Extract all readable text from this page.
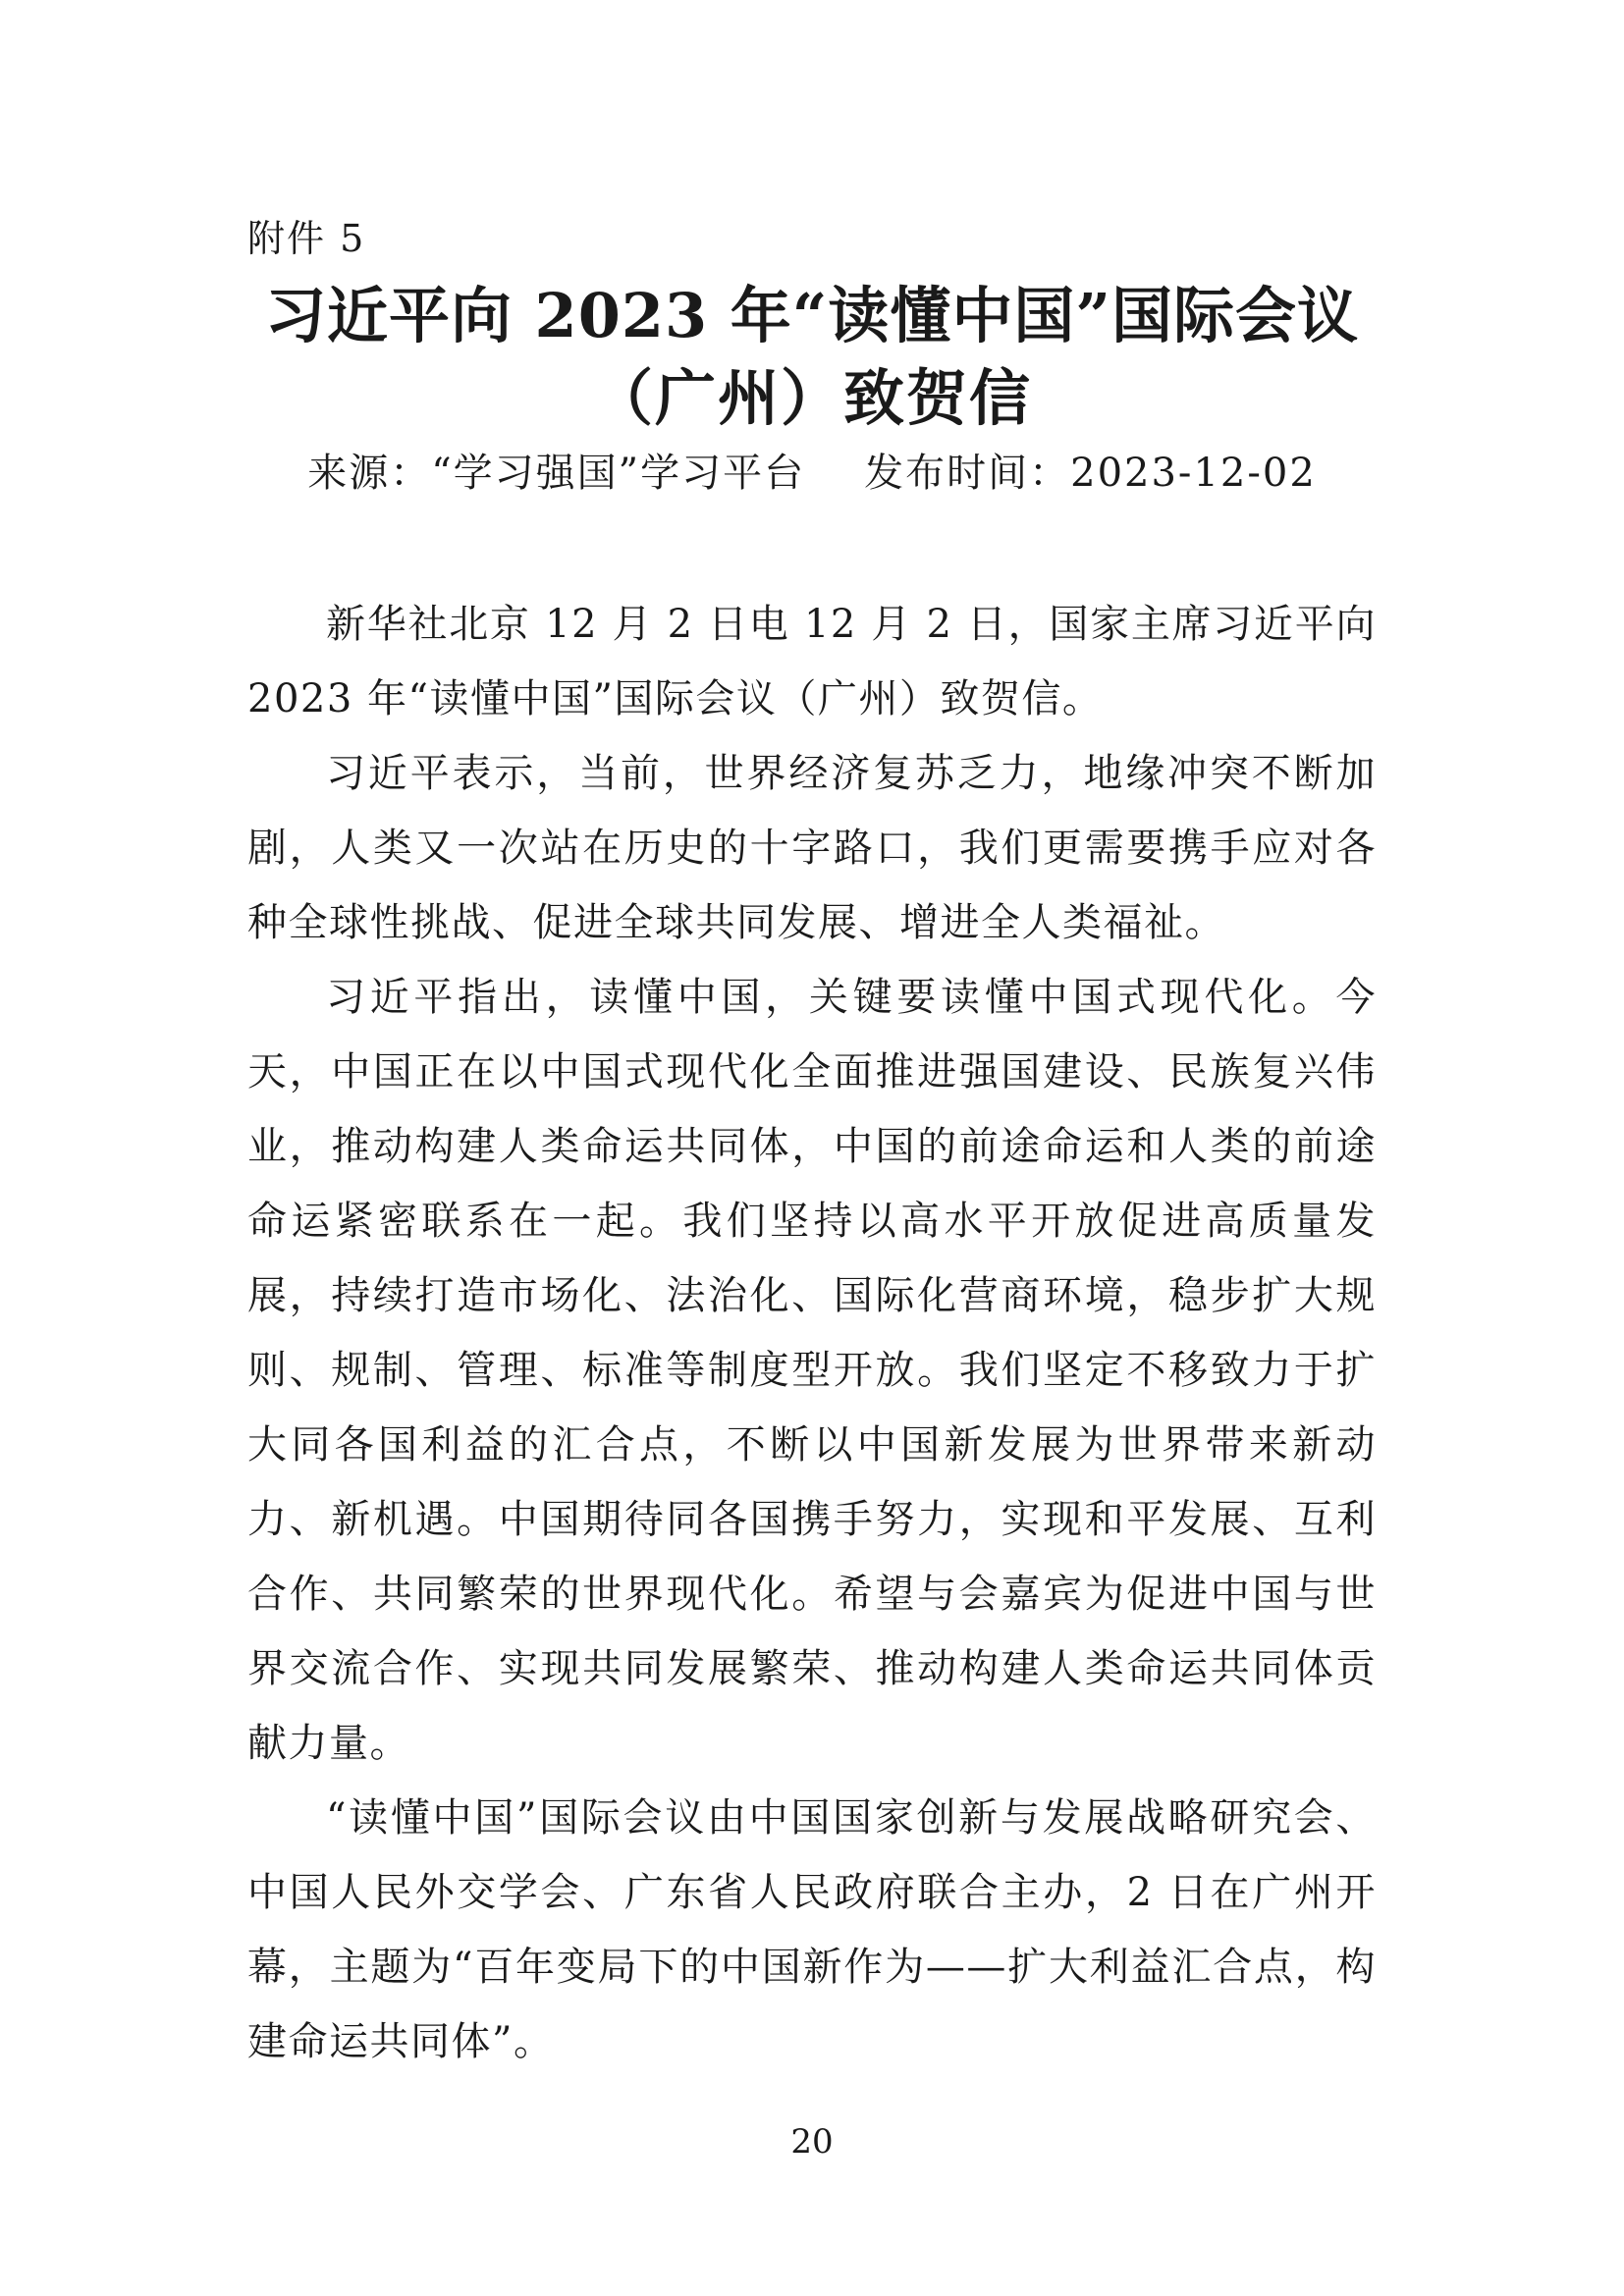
附件 5
习近平向 2023 年“读懂中国”国际会议
（广州）致贺信
来源：“学习强国”学习平台 发布时间：2023-12-02

新华社北京 12 月 2 日电 12 月 2 日，国家主席习近平向 2023 年“读懂中国”国际会议（广州）致贺信。

习近平表示，当前，世界经济复苏乏力，地缘冲突不断加剧，人类又一次站在历史的十字路口，我们更需要携手应对各种全球性挑战、促进全球共同发展、增进全人类福祉。

习近平指出，读懂中国，关键要读懂中国式现代化。今天，中国正在以中国式现代化全面推进强国建设、民族复兴伟业，推动构建人类命运共同体，中国的前途命运和人类的前途命运紧密联系在一起。我们坚持以高水平开放促进高质量发展，持续打造市场化、法治化、国际化营商环境，稳步扩大规则、规制、管理、标准等制度型开放。我们坚定不移致力于扩大同各国利益的汇合点，不断以中国新发展为世界带来新动力、新机遇。中国期待同各国携手努力，实现和平发展、互利合作、共同繁荣的世界现代化。希望与会嘉宾为促进中国与世界交流合作、实现共同发展繁荣、推动构建人类命运共同体贡献力量。

“读懂中国”国际会议由中国国家创新与发展战略研究会、中国人民外交学会、广东省人民政府联合主办，2 日在广州开幕，主题为“百年变局下的中国新作为——扩大利益汇合点，构建命运共同体”。

20
